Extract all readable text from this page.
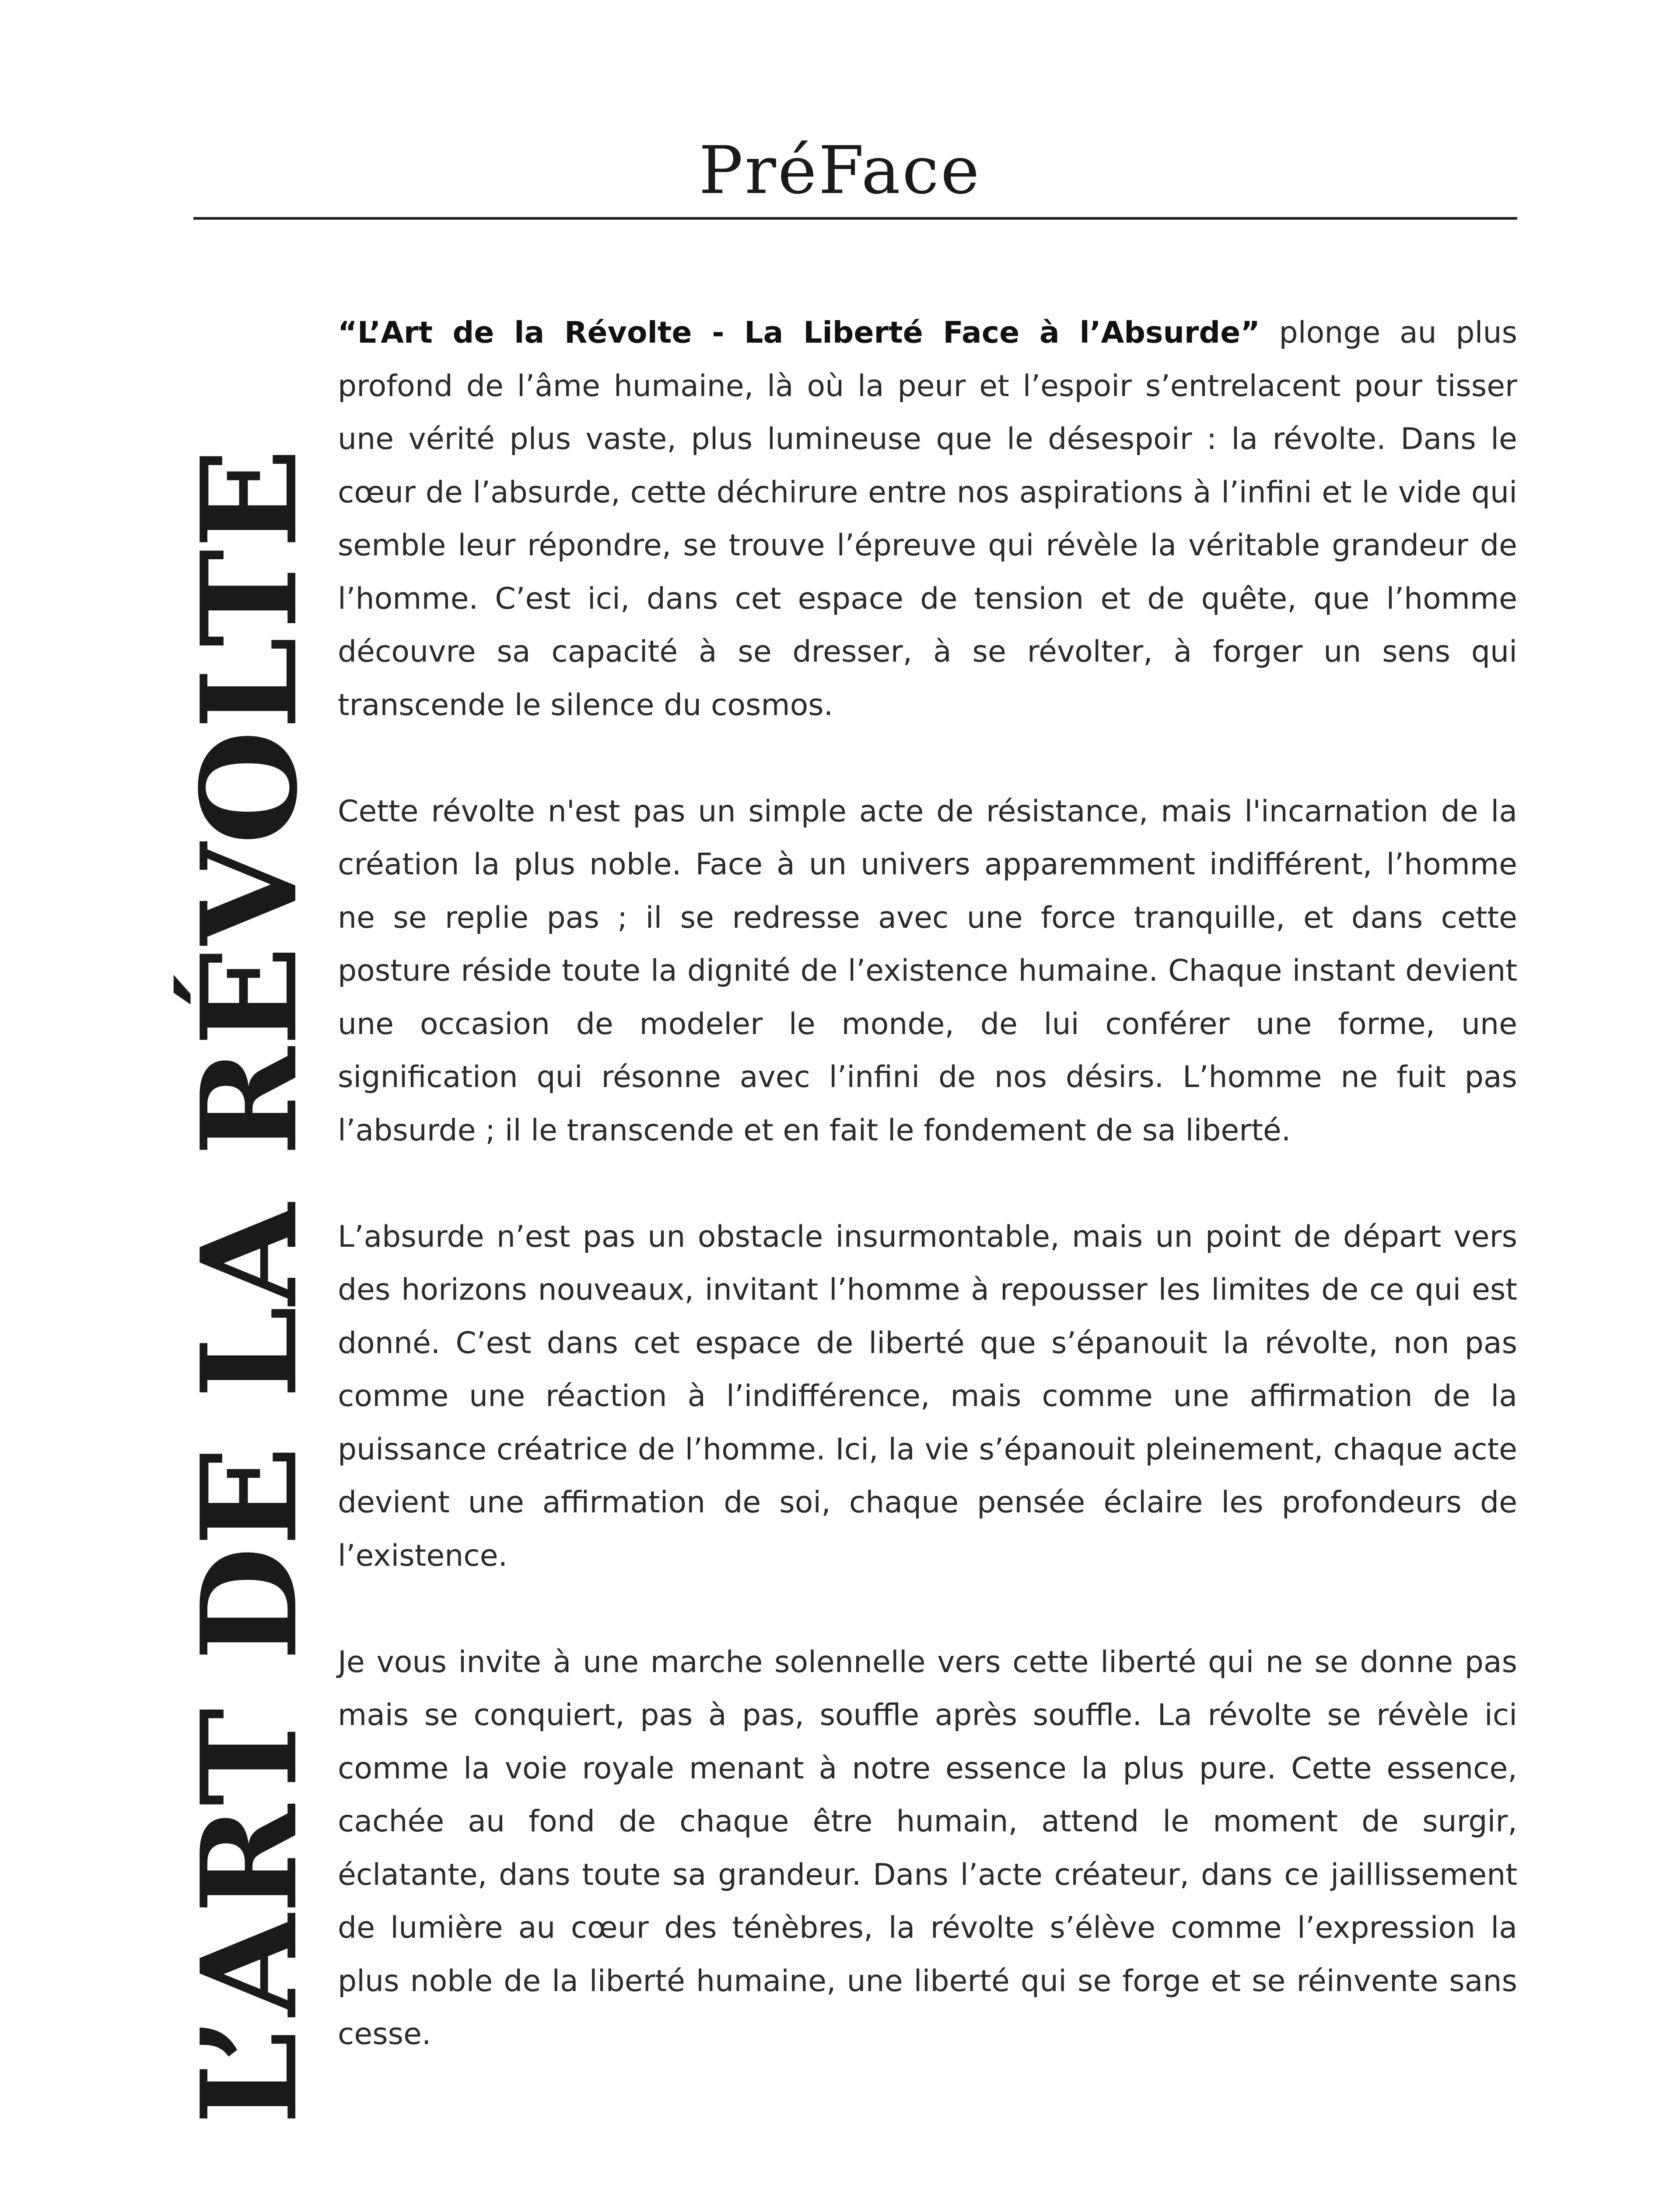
PréFace
L’ART DE LA RÉVOLTE

“L’Art de la Révolte - La Liberté Face à l’Absurde” plonge au plus profond de l’âme humaine, là où la peur et l’espoir s’entrelacent pour tisser une vérité plus vaste, plus lumineuse que le désespoir : la révolte. Dans le cœur de l’absurde, cette déchirure entre nos aspirations à l’infini et le vide qui semble leur répondre, se trouve l’épreuve qui révèle la véritable grandeur de l’homme. C’est ici, dans cet espace de tension et de quête, que l’homme découvre sa capacité à se dresser, à se révolter, à forger un sens qui transcende le silence du cosmos.

Cette révolte n'est pas un simple acte de résistance, mais l'incarnation de la création la plus noble. Face à un univers apparemment indifférent, l’homme ne se replie pas ; il se redresse avec une force tranquille, et dans cette posture réside toute la dignité de l’existence humaine. Chaque instant devient une occasion de modeler le monde, de lui conférer une forme, une signification qui résonne avec l’infini de nos désirs. L’homme ne fuit pas l’absurde ; il le transcende et en fait le fondement de sa liberté.

L’absurde n’est pas un obstacle insurmontable, mais un point de départ vers des horizons nouveaux, invitant l’homme à repousser les limites de ce qui est donné. C’est dans cet espace de liberté que s’épanouit la révolte, non pas comme une réaction à l’indifférence, mais comme une affirmation de la puissance créatrice de l’homme. Ici, la vie s’épanouit pleinement, chaque acte devient une affirmation de soi, chaque pensée éclaire les profondeurs de l’existence.

Je vous invite à une marche solennelle vers cette liberté qui ne se donne pas mais se conquiert, pas à pas, souffle après souffle. La révolte se révèle ici comme la voie royale menant à notre essence la plus pure. Cette essence, cachée au fond de chaque être humain, attend le moment de surgir, éclatante, dans toute sa grandeur. Dans l’acte créateur, dans ce jaillissement de lumière au cœur des ténèbres, la révolte s’élève comme l’expression la plus noble de la liberté humaine, une liberté qui se forge et se réinvente sans cesse.
